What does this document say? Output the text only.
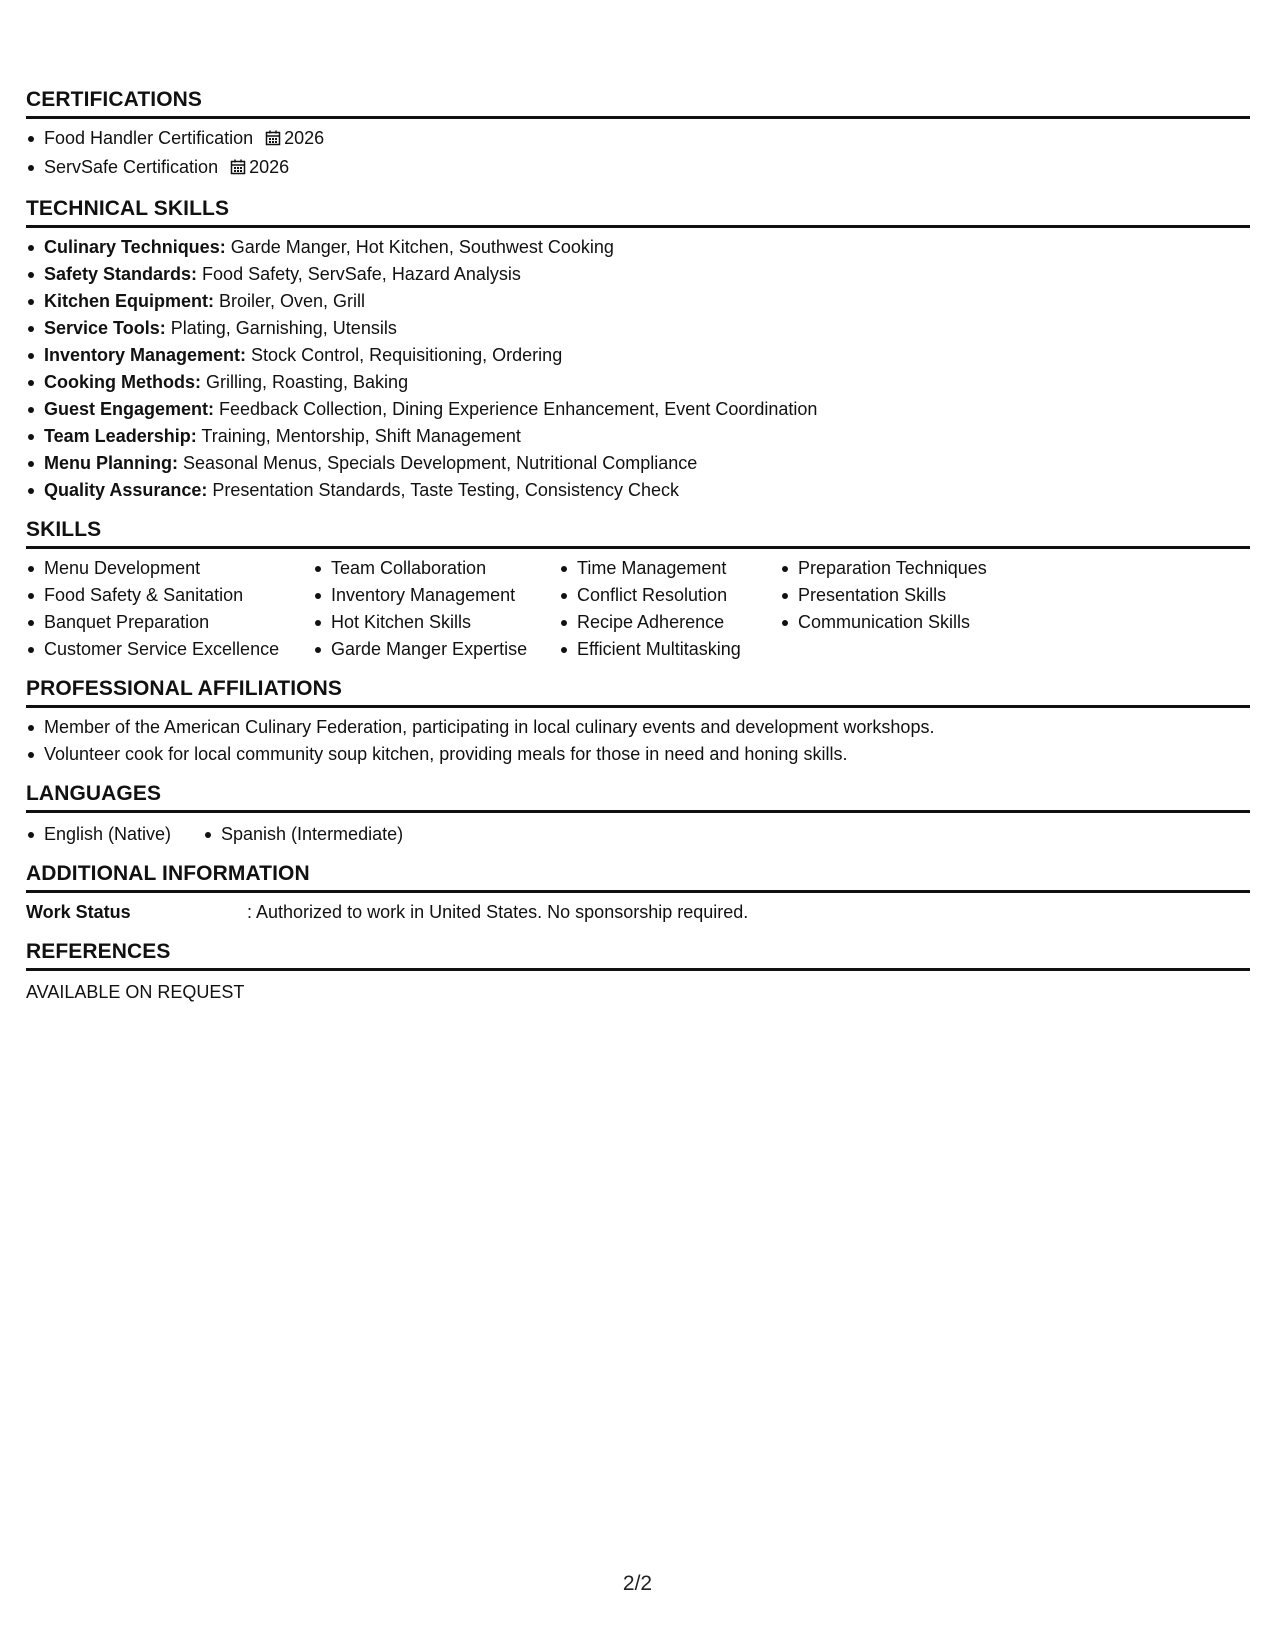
CERTIFICATIONS
Food Handler Certification 2026
ServSafe Certification 2026
TECHNICAL SKILLS
Culinary Techniques: Garde Manger, Hot Kitchen, Southwest Cooking
Safety Standards: Food Safety, ServSafe, Hazard Analysis
Kitchen Equipment: Broiler, Oven, Grill
Service Tools: Plating, Garnishing, Utensils
Inventory Management: Stock Control, Requisitioning, Ordering
Cooking Methods: Grilling, Roasting, Baking
Guest Engagement: Feedback Collection, Dining Experience Enhancement, Event Coordination
Team Leadership: Training, Mentorship, Shift Management
Menu Planning: Seasonal Menus, Specials Development, Nutritional Compliance
Quality Assurance: Presentation Standards, Taste Testing, Consistency Check
SKILLS
Menu Development
Food Safety & Sanitation
Banquet Preparation
Customer Service Excellence
Team Collaboration
Inventory Management
Hot Kitchen Skills
Garde Manger Expertise
Time Management
Conflict Resolution
Recipe Adherence
Efficient Multitasking
Preparation Techniques
Presentation Skills
Communication Skills
PROFESSIONAL AFFILIATIONS
Member of the American Culinary Federation, participating in local culinary events and development workshops.
Volunteer cook for local community soup kitchen, providing meals for those in need and honing skills.
LANGUAGES
English (Native)	Spanish (Intermediate)
ADDITIONAL INFORMATION
Work Status	: Authorized to work in United States. No sponsorship required.
REFERENCES
AVAILABLE ON REQUEST
2/2
